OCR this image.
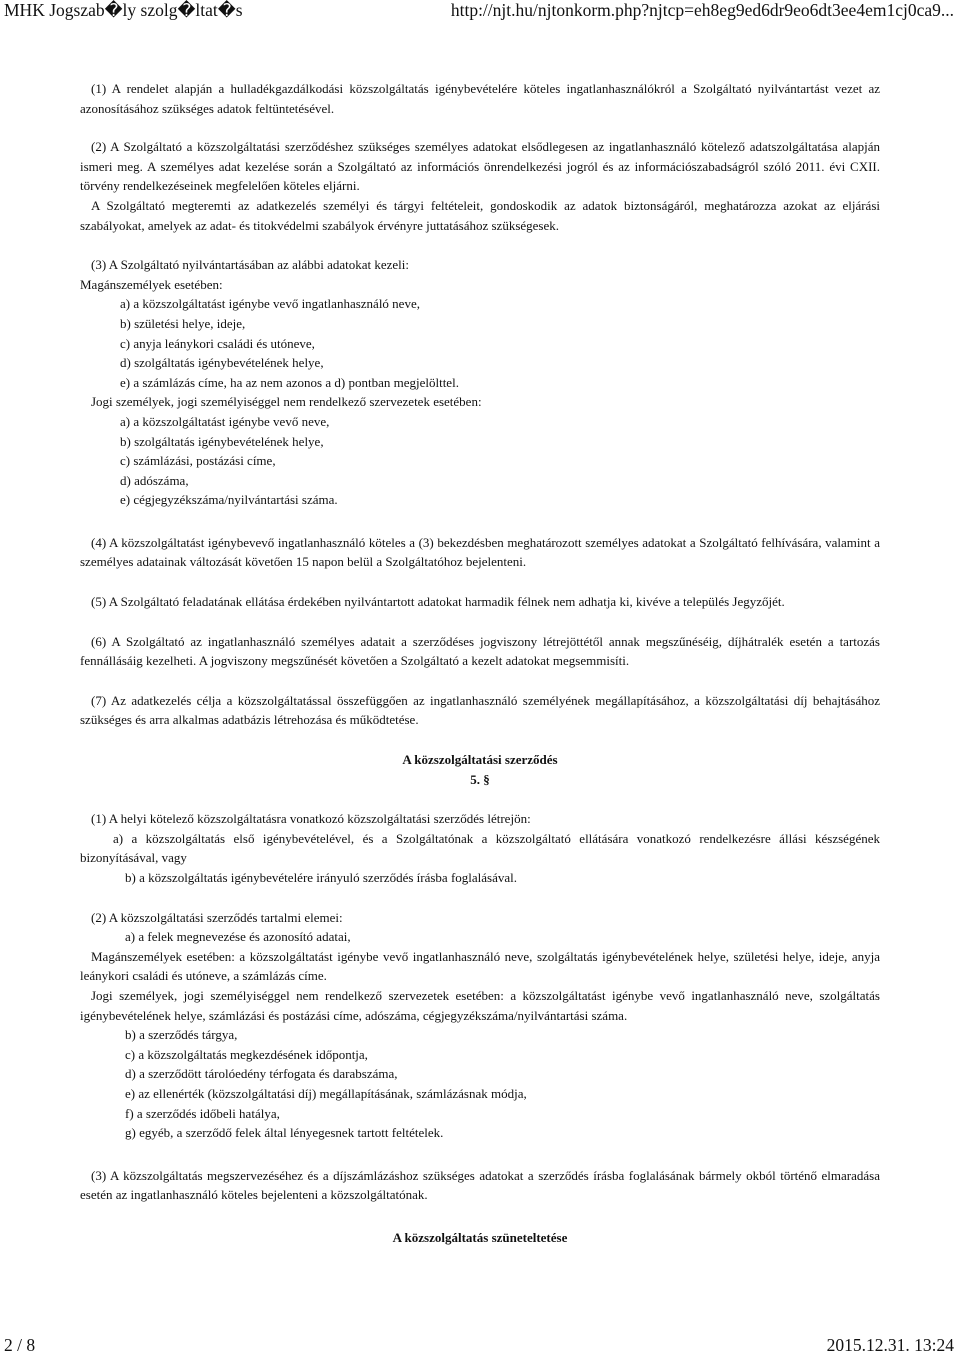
MHK Jogszab�ly szolg�ltat�s	http://njt.hu/njtonkorm.php?njtcp=eh8eg9ed6dr9eo6dt3ee4em1cj0ca9...

(1) A rendelet alapján a hulladékgazdálkodási közszolgáltatás igénybevételére köteles ingatlanhasználókról a Szolgáltató nyilvántartást vezet az azonosításához szükséges adatok feltüntetésével.

(2) A Szolgáltató a közszolgáltatási szerződéshez szükséges személyes adatokat elsődlegesen az ingatlanhasználó kötelező adatszolgáltatása alapján ismeri meg. A személyes adat kezelése során a Szolgáltató az információs önrendelkezési jogról és az információszabadságról szóló 2011. évi CXII. törvény rendelkezéseinek megfelelően köteles eljárni.

A Szolgáltató megteremti az adatkezelés személyi és tárgyi feltételeit, gondoskodik az adatok biztonságáról, meghatározza azokat az eljárási szabályokat, amelyek az adat- és titokvédelmi szabályok érvényre juttatásához szükségesek.

(3) A Szolgáltató nyilvántartásában az alábbi adatokat kezeli:

Magánszemélyek esetében:

a) a közszolgáltatást igénybe vevő ingatlanhasználó neve,

b) születési helye, ideje,

c) anyja leánykori családi és utóneve,

d) szolgáltatás igénybevételének helye,

e) a számlázás címe, ha az nem azonos a d) pontban megjelölttel.

Jogi személyek, jogi személyiséggel nem rendelkező szervezetek esetében:

a) a közszolgáltatást igénybe vevő neve,

b) szolgáltatás igénybevételének helye,

c) számlázási, postázási címe,

d) adószáma,

e) cégjegyzékszáma/nyilvántartási száma.

(4) A közszolgáltatást igénybevevő ingatlanhasználó köteles a (3) bekezdésben meghatározott személyes adatokat a Szolgáltató felhívására, valamint a személyes adatainak változását követően 15 napon belül a Szolgáltatóhoz bejelenteni.

(5) A Szolgáltató feladatának ellátása érdekében nyilvántartott adatokat harmadik félnek nem adhatja ki, kivéve a település Jegyzőjét.

(6) A Szolgáltató az ingatlanhasználó személyes adatait a szerződéses jogviszony létrejöttétől annak megszűnéséig, díjhátralék esetén a tartozás fennállásáig kezelheti. A jogviszony megszűnését követően a Szolgáltató a kezelt adatokat megsemmisíti.

(7) Az adatkezelés célja a közszolgáltatással összefüggően az ingatlanhasználó személyének megállapításához, a közszolgáltatási díj behajtásához szükséges és arra alkalmas adatbázis létrehozása és működtetése.

A közszolgáltatási szerződés

5. §

(1) A helyi kötelező közszolgáltatásra vonatkozó közszolgáltatási szerződés létrejön:

a) a közszolgáltatás első igénybevételével, és a Szolgáltatónak a közszolgáltató ellátására vonatkozó rendelkezésre állási készségének bizonyításával, vagy

b) a közszolgáltatás igénybevételére irányuló szerződés írásba foglalásával.

(2) A közszolgáltatási szerződés tartalmi elemei:

a) a felek megnevezése és azonosító adatai,

Magánszemélyek esetében: a közszolgáltatást igénybe vevő ingatlanhasználó neve, szolgáltatás igénybevételének helye, születési helye, ideje, anyja leánykori családi és utóneve, a számlázás címe.

Jogi személyek, jogi személyiséggel nem rendelkező szervezetek esetében: a közszolgáltatást igénybe vevő ingatlanhasználó neve, szolgáltatás igénybevételének helye, számlázási és postázási címe, adószáma, cégjegyzékszáma/nyilvántartási száma.

b) a szerződés tárgya,

c) a közszolgáltatás megkezdésének időpontja,

d) a szerződött tárolóedény térfogata és darabszáma,

e) az ellenérték (közszolgáltatási díj) megállapításának, számlázásnak módja,

f) a szerződés időbeli hatálya,

g) egyéb, a szerződő felek által lényegesnek tartott feltételek.

(3) A közszolgáltatás megszervezéséhez és a díjszámlázáshoz szükséges adatokat a szerződés írásba foglalásának bármely okból történő elmaradása esetén az ingatlanhasználó köteles bejelenteni a közszolgáltatónak.

A közszolgáltatás szüneteltetése

2 / 8	2015.12.31. 13:24
